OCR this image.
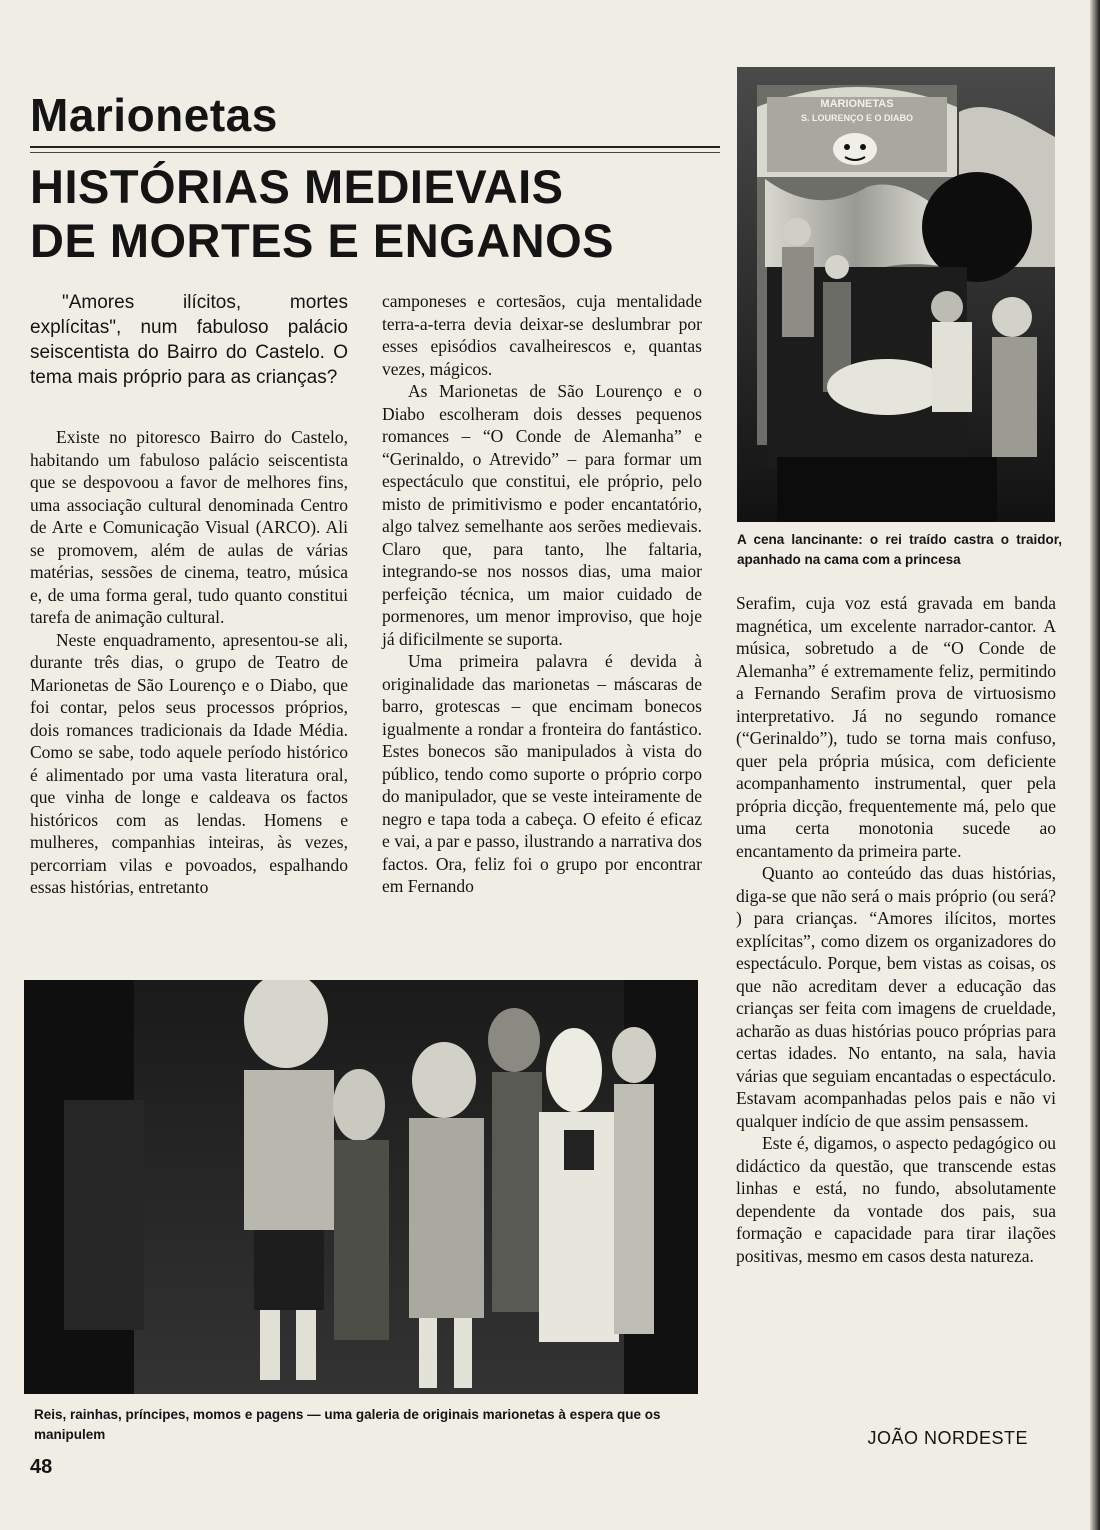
Marionetas
HISTÓRIAS MEDIEVAIS
DE MORTES E ENGANOS

"Amores ilícitos, mortes explícitas", num fabuloso palácio seiscentista do Bairro do Castelo. O tema mais próprio para as crianças?

Existe no pitoresco Bairro do Castelo, habitando um fabuloso palácio seiscentista que se despovoou a favor de melhores fins, uma associação cultural denominada Centro de Arte e Comunicação Visual (ARCO). Ali se promovem, além de aulas de várias matérias, sessões de cinema, teatro, música e, de uma forma geral, tudo quanto constitui tarefa de animação cultural.

Neste enquadramento, apresentou-se ali, durante três dias, o grupo de Teatro de Marionetas de São Lourenço e o Diabo, que foi contar, pelos seus processos próprios, dois romances tradicionais da Idade Média. Como se sabe, todo aquele período histórico é alimentado por uma vasta literatura oral, que vinha de longe e caldeava os factos históricos com as lendas. Homens e mulheres, companhias inteiras, às vezes, percorriam vilas e povoados, espalhando essas histórias, entretanto

camponeses e cortesãos, cuja mentalidade terra-a-terra devia deixar-se deslumbrar por esses episódios cavalheirescos e, quantas vezes, mágicos.

As Marionetas de São Lourenço e o Diabo escolheram dois desses pequenos romances – “O Conde de Alemanha” e “Gerinaldo, o Atrevido” – para formar um espectáculo que constitui, ele próprio, pelo misto de primitivismo e poder encantatório, algo talvez semelhante aos serões medievais. Claro que, para tanto, lhe faltaria, integrando-se nos nossos dias, uma maior perfeição técnica, um maior cuidado de pormenores, um menor improviso, que hoje já dificilmente se suporta.

Uma primeira palavra é devida à originalidade das marionetas – máscaras de barro, grotescas – que encimam bonecos igualmente a rondar a fronteira do fantástico. Estes bonecos são manipulados à vista do público, tendo como suporte o próprio corpo do manipulador, que se veste inteiramente de negro e tapa toda a cabeça. O efeito é eficaz e vai, a par e passo, ilustrando a narrativa dos factos. Ora, feliz foi o grupo por encontrar em Fernando

Serafim, cuja voz está gravada em banda magnética, um excelente narrador-cantor. A música, sobretudo a de “O Conde de Alemanha” é extremamente feliz, permitindo a Fernando Serafim prova de virtuosismo interpretativo. Já no segundo romance (“Gerinaldo”), tudo se torna mais confuso, quer pela própria música, com deficiente acompanhamento instrumental, quer pela própria dicção, frequentemente má, pelo que uma certa monotonia sucede ao encantamento da primeira parte.

Quanto ao conteúdo das duas histórias, diga-se que não será o mais próprio (ou será? ) para crianças. “Amores ilícitos, mortes explícitas”, como dizem os organizadores do espectáculo. Porque, bem vistas as coisas, os que não acreditam dever a educação das crianças ser feita com imagens de crueldade, acharão as duas histórias pouco próprias para certas idades. No entanto, na sala, havia várias que seguiam encantadas o espectáculo. Estavam acompanhadas pelos pais e não vi qualquer indício de que assim pensassem.

Este é, digamos, o aspecto pedagógico ou didáctico da questão, que transcende estas linhas e está, no fundo, absolutamente dependente da vontade dos pais, sua formação e capacidade para tirar ilações positivas, mesmo em casos desta natureza.

MARIONETAS
S. LOURENÇO E O DIABO

A cena lancinante: o rei traído castra o traidor, apanhado na cama com a princesa

Reis, rainhas, príncipes, momos e pagens — uma galeria de originais marionetas à espera que os manipulem	JOÃO NORDESTE
48
